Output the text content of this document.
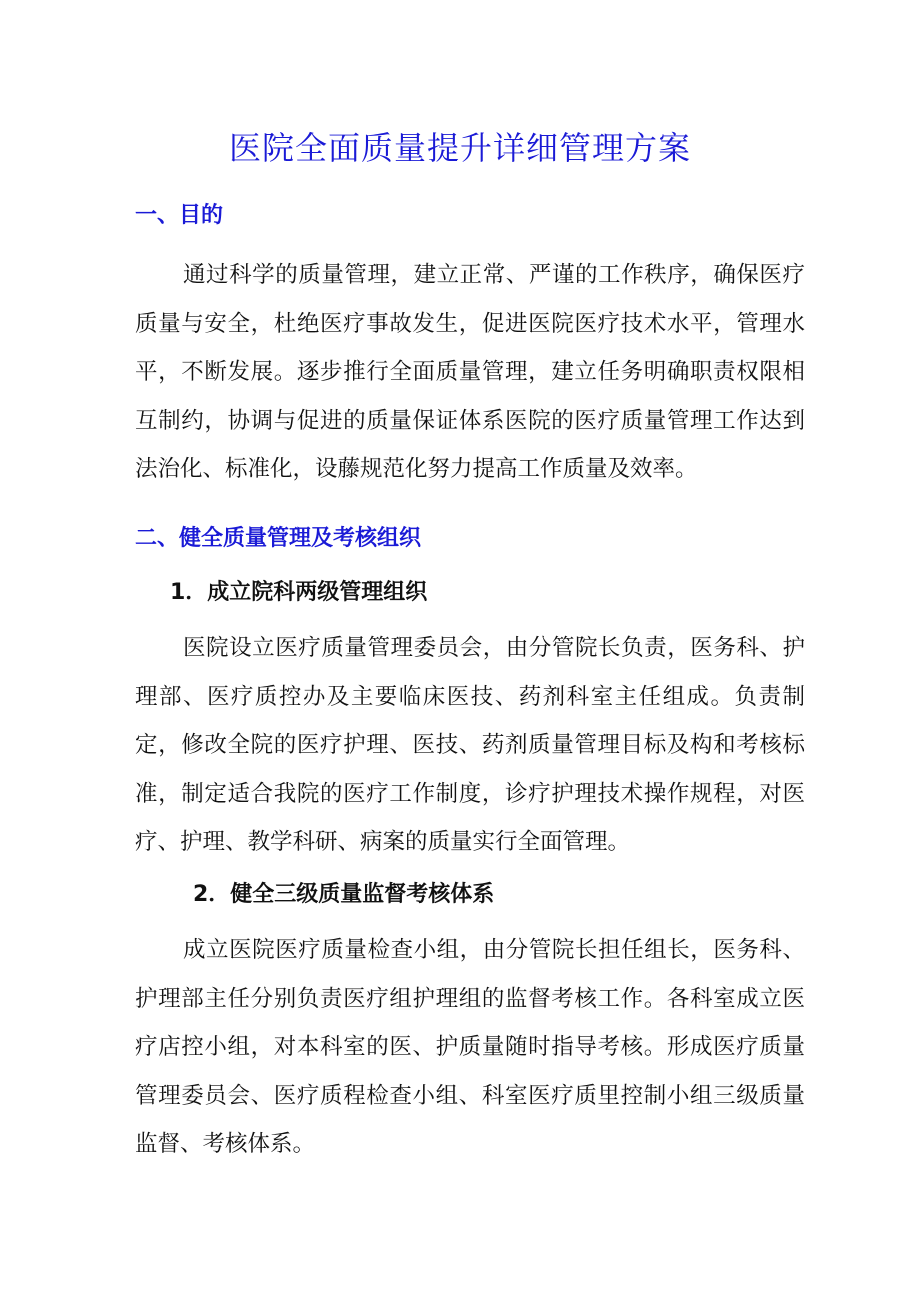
医院全面质量提升详细管理方案
一、目的

通过科学的质量管理，建立正常、严谨的工作秩序，确保医疗质量与安全，杜绝医疗事故发生，促进医院医疗技术水平，管理水平，不断发展。逐步推行全面质量管理，建立任务明确职责权限相互制约，协调与促进的质量保证体系医院的医疗质量管理工作达到法治化、标准化，设藤规范化努力提高工作质量及效率。

二、健全质量管理及考核组织
1．成立院科两级管理组织

医院设立医疗质量管理委员会，由分管院长负责，医务科、护理部、医疗质控办及主要临床医技、药剂科室主任组成。负责制定，修改全院的医疗护理、医技、药剂质量管理目标及构和考核标准，制定适合我院的医疗工作制度，诊疗护理技术操作规程，对医疗、护理、教学科研、病案的质量实行全面管理。

2．健全三级质量监督考核体系

成立医院医疗质量检查小组，由分管院长担任组长，医务科、护理部主任分别负责医疗组护理组的监督考核工作。各科室成立医疗店控小组，对本科室的医、护质量随时指导考核。形成医疗质量管理委员会、医疗质程检查小组、科室医疗质里控制小组三级质量监督、考核体系。
